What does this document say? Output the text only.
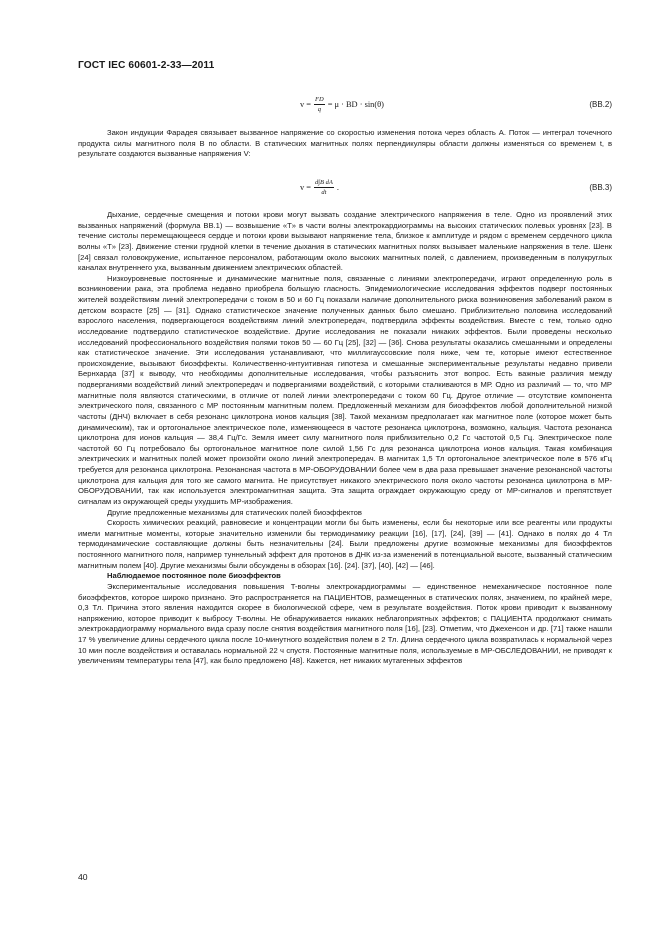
ГОСТ IEC 60601-2-33—2011
$v = \frac{FD}{q} = \mu$ · BD · sin(θ)	(BB.2)

Закон индукции Фарадея связывает вызванное напряжение со скоростью изменения потока через область A. Поток — интеграл точечного продукта силы магнитного поля B по области. В статических магнитных полях перпендикуляры области должны изменяться со временем t, в результате создаются вызванные напряжения V:

$v = \frac{\text{d∫B dA}}{dt}$ .	(BB.3)

Дыхание, сердечные смещения и потоки крови могут вызвать создание электрического напряжения в теле. Одно из проявлений этих вызванных напряжений (формула BB.1) — возвышение «T» в части волны электрокардиограммы на высоких статических полевых уровнях [23]. В течение систолы перемещающееся сердце и потоки крови вызывают напряжение тела, близкое к амплитуде и рядом с временем сердечного цикла волны «T» [23]. Движение стенки грудной клетки в течение дыхания в статических магнитных полях вызывает маленькие напряжения в теле. Шенк [24] связал головокружение, испытанное персоналом, работающим около высоких магнитных полей, с давлением, произведенным в полукруглых каналах внутреннего уха, вызванным движением электрических областей.

Низкоуровневые постоянные и динамические магнитные поля, связанные с линиями электропередачи, играют определенную роль в возникновении рака, эта проблема недавно приобрела большую гласность. Эпидемиологические исследования эффектов подверг постоянных жителей воздействиям линий электропередачи с током в 50 и 60 Гц показали наличие дополнительного риска возникновения заболеваний раком в детском возрасте [25] — [31]. Однако статистическое значение полученных данных было смешано. Приблизительно половина исследований взрослого населения, подвергающегося воздействиям линий электропередач, подтвердила эффекты воздействия. Вместе с тем, только одно исследование подтвердило статистическое воздействие. Другие исследования не показали никаких эффектов. Были проведены несколько исследований профессионального воздействия полями токов 50 — 60 Гц [25], [32] — [36]. Снова результаты оказались смешанными и определены как статистическое значение. Эти исследования устанавливают, что миллигауссовские поля ниже, чем те, которые имеют естественное происхождение, вызывают биоэффекты. Количественно-интуитивная гипотеза и смешанные экспериментальные результаты недавно привели Бернхарда [37] к выводу, что необходимы дополнительные исследования, чтобы разъяснить этот вопрос. Есть важные различия между подверганиями воздействий линий электропередач и подверганиями воздействий, с которыми сталкиваются в МР. Одно из различий — то, что МР магнитные поля являются статическими, в отличие от полей линии электропередачи с током 60 Гц. Другое отличие — отсутствие компонента электрического поля, связанного с МР постоянным магнитным полем. Предложенный механизм для биоэффектов любой дополнительной низкой частоты (ДНЧ) включает в себя резонанс циклотрона ионов кальция [38]. Такой механизм предполагает как магнитное поле (которое может быть динамическим), так и ортогональное электрическое поле, изменяющееся в частоте резонанса циклотрона, возможно, кальция. Частота резонанса циклотрона для ионов кальция — 38,4 Гц/Гс. Земля имеет силу магнитного поля приблизительно 0,2 Гс частотой 0,5 Гц. Электрическое поле частотой 60 Гц потребовало бы ортогональное магнитное поле силой 1,56 Гс для резонанса циклотрона ионов кальция. Такая комбинация электрических и магнитных полей может произойти около линий электропередач. В магнитах 1,5 Тл ортогональное электрическое поле в 576 кГц требуется для резонанса циклотрона. Резонансная частота в МР-ОБОРУДОВАНИИ более чем в два раза превышает значение резонансной частоты циклотрона для кальция для того же самого магнита. Не присутствует никакого электрического поля около частоты резонанса циклотрона в МР-ОБОРУДОВАНИИ, так как используется электромагнитная защита. Эта защита ограждает окружающую среду от МР-сигналов и препятствует сигналам из окружающей среды ухудшить МР-изображения.

Другие предложенные механизмы для статических полей биоэффектов

Скорость химических реакций, равновесие и концентрации могли бы быть изменены, если бы некоторые или все реагенты или продукты имели магнитные моменты, которые значительно изменили бы термодинамику реакции [16], [17], [24], [39] — [41]. Однако в полях до 4 Тл термодинамические составляющие должны быть незначительны [24]. Были предложены другие возможные механизмы для биоэффектов постоянного магнитного поля, например туннельный эффект для протонов в ДНК из-за изменений в потенциальной высоте, вызванный статическим магнитным полем [40]. Другие механизмы были обсуждены в обзорах [16]. [24]. [37], [40], [42] — [46].

Наблюдаемое постоянное поле биоэффектов

Экспериментальные исследования повышения T-волны электрокардиограммы — единственное немеханическое постоянное поле биоэффектов, которое широко признано. Это распространяется на ПАЦИЕНТОВ, размещенных в статических полях, значением, по крайней мере, 0,3 Тл. Причина этого явления находится скорее в биологической сфере, чем в результате воздействия. Поток крови приводит к вызванному напряжению, которое приводит к выбросу T-волны. Не обнаруживается никаких неблагоприятных эффектов; с ПАЦИЕНТА продолжают снимать электрокардиограмму нормального вида сразу после снятия воздействия магнитного поля [16], [23]. Отметим, что Джехенсон и др. [71] также нашли 17 % увеличение длины сердечного цикла после 10-минутного воздействия полем в 2 Тл. Длина сердечного цикла возвратилась к нормальной через 10 мин после воздействия и оставалась нормальной 22 ч спустя. Постоянные магнитные поля, используемые в МР-ОБСЛЕДОВАНИИ, не приводят к увеличениям температуры тела [47], как было предложено [48]. Кажется, нет никаких мутагенных эффектов

40
